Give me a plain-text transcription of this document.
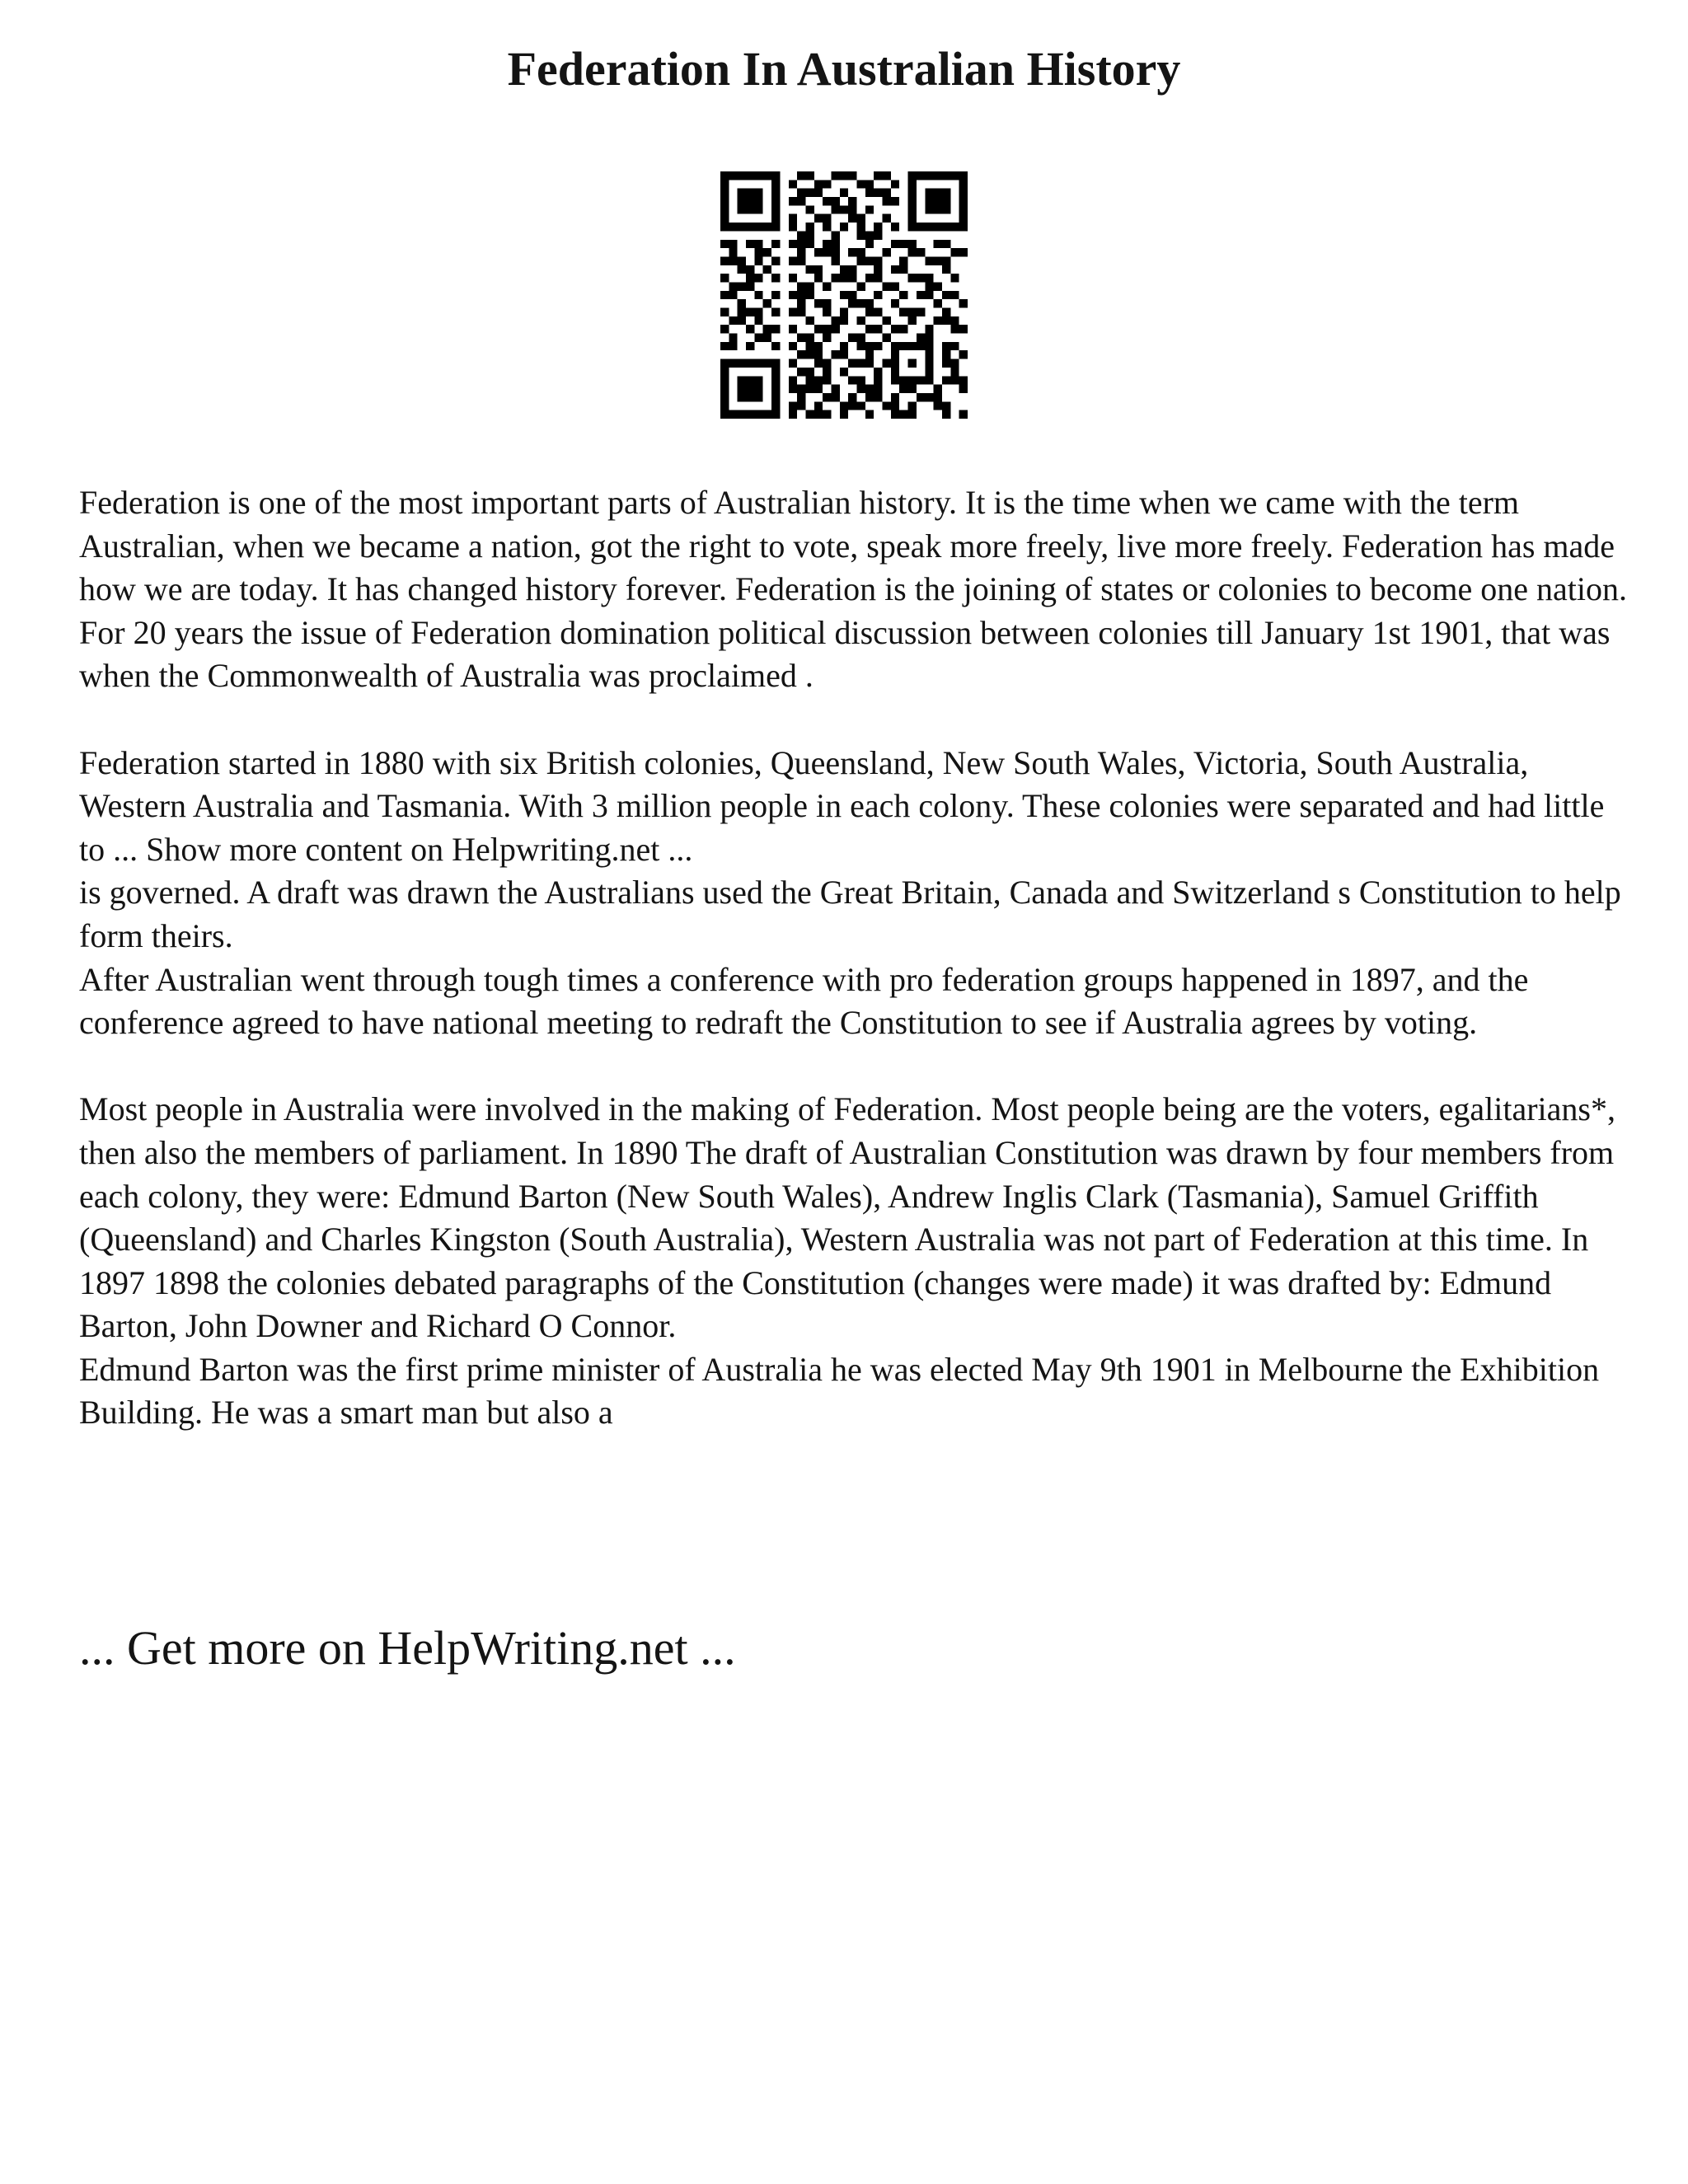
Federation In Australian History

Federation is one of the most important parts of Australian history. It is the time when we came with the term Australian, when we became a nation, got the right to vote, speak more freely, live more freely. Federation has made how we are today. It has changed history forever. Federation is the joining of states or colonies to become one nation. For 20 years the issue of Federation domination political discussion between colonies till January 1st 1901, that was when the Commonwealth of Australia was proclaimed .

Federation started in 1880 with six British colonies, Queensland, New South Wales, Victoria, South Australia, Western Australia and Tasmania. With 3 million people in each colony. These colonies were separated and had little to ... Show more content on Helpwriting.net ...

is governed. A draft was drawn the Australians used the Great Britain, Canada and Switzerland s Constitution to help form theirs.

After Australian went through tough times a conference with pro federation groups happened in 1897, and the conference agreed to have national meeting to redraft the Constitution to see if Australia agrees by voting.

Most people in Australia were involved in the making of Federation. Most people being are the voters, egalitarians*, then also the members of parliament. In 1890 The draft of Australian Constitution was drawn by four members from each colony, they were: Edmund Barton (New South Wales), Andrew Inglis Clark (Tasmania), Samuel Griffith (Queensland) and Charles Kingston (South Australia), Western Australia was not part of Federation at this time. In 1897 1898 the colonies debated paragraphs of the Constitution (changes were made) it was drafted by: Edmund Barton, John Downer and Richard O Connor.

Edmund Barton was the first prime minister of Australia he was elected May 9th 1901 in Melbourne the Exhibition Building. He was a smart man but also a

... Get more on HelpWriting.net ...
